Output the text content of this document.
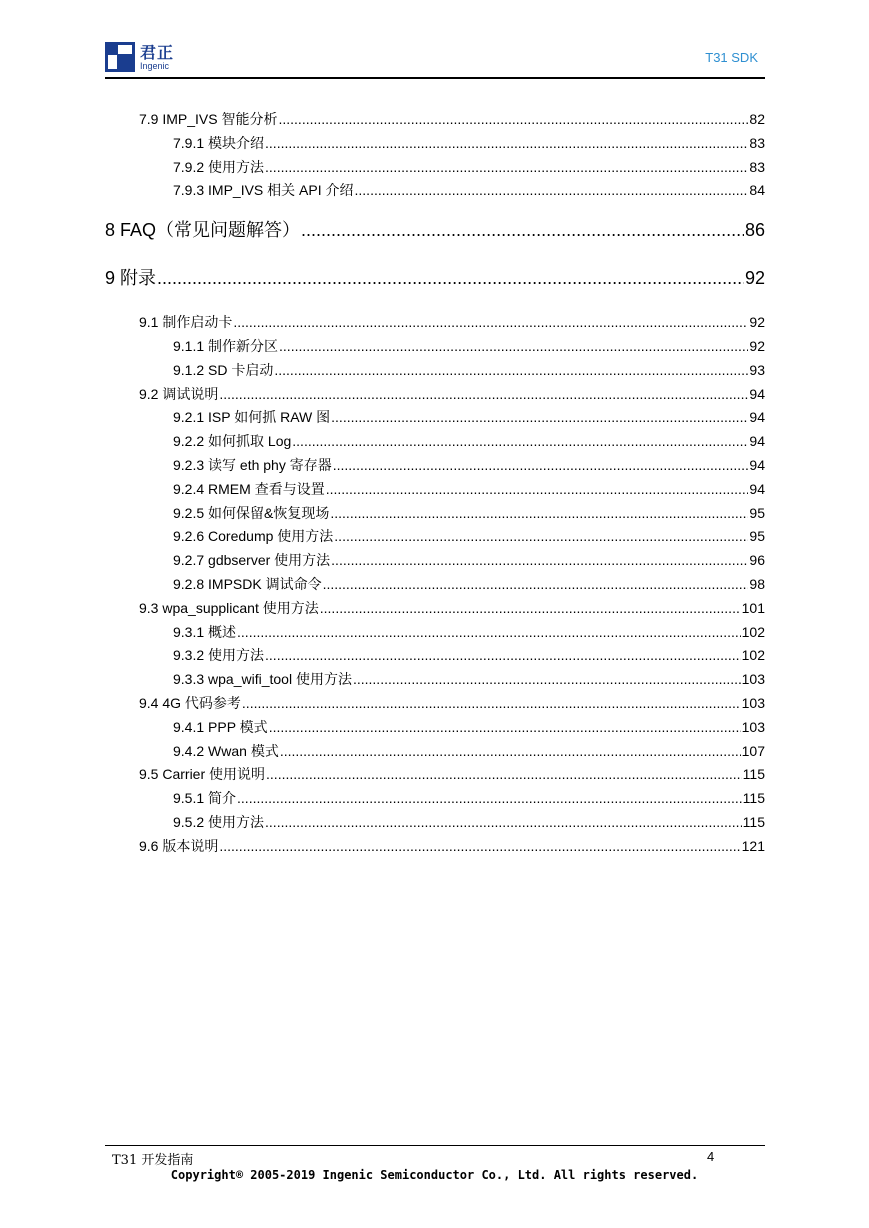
君正
Ingenic
T31 SDK
7.9 IMP_IVS 智能分析 .....	82
7.9.1 模块介绍 .....	83
7.9.2 使用方法 .....	83
7.9.3 IMP_IVS 相关 API 介绍 .....	84
8 FAQ（常见问题解答） .....	86
9 附录 .....	92
9.1 制作启动卡 .....	92
9.1.1 制作新分区 .....	92
9.1.2 SD 卡启动 .....	93
9.2 调试说明 .....	94
9.2.1 ISP 如何抓 RAW 图 .....	94
9.2.2 如何抓取 Log .....	94
9.2.3 读写 eth phy 寄存器 .....	94
9.2.4 RMEM 查看与设置 .....	94
9.2.5 如何保留&恢复现场 .....	95
9.2.6 Coredump 使用方法 .....	95
9.2.7 gdbserver 使用方法 .....	96
9.2.8 IMPSDK 调试命令 .....	98
9.3 wpa_supplicant 使用方法 .....	101
9.3.1 概述 .....	102
9.3.2 使用方法 .....	102
9.3.3 wpa_wifi_tool 使用方法 .....	103
9.4 4G 代码参考 .....	103
9.4.1 PPP 模式 .....	103
9.4.2 Wwan 模式 .....	107
9.5 Carrier 使用说明 .....	115
9.5.1 简介 .....	115
9.5.2 使用方法 .....	115
9.6 版本说明 .....	121
T31 开发指南	4
Copyright® 2005-2019 Ingenic Semiconductor Co., Ltd. All rights reserved.
